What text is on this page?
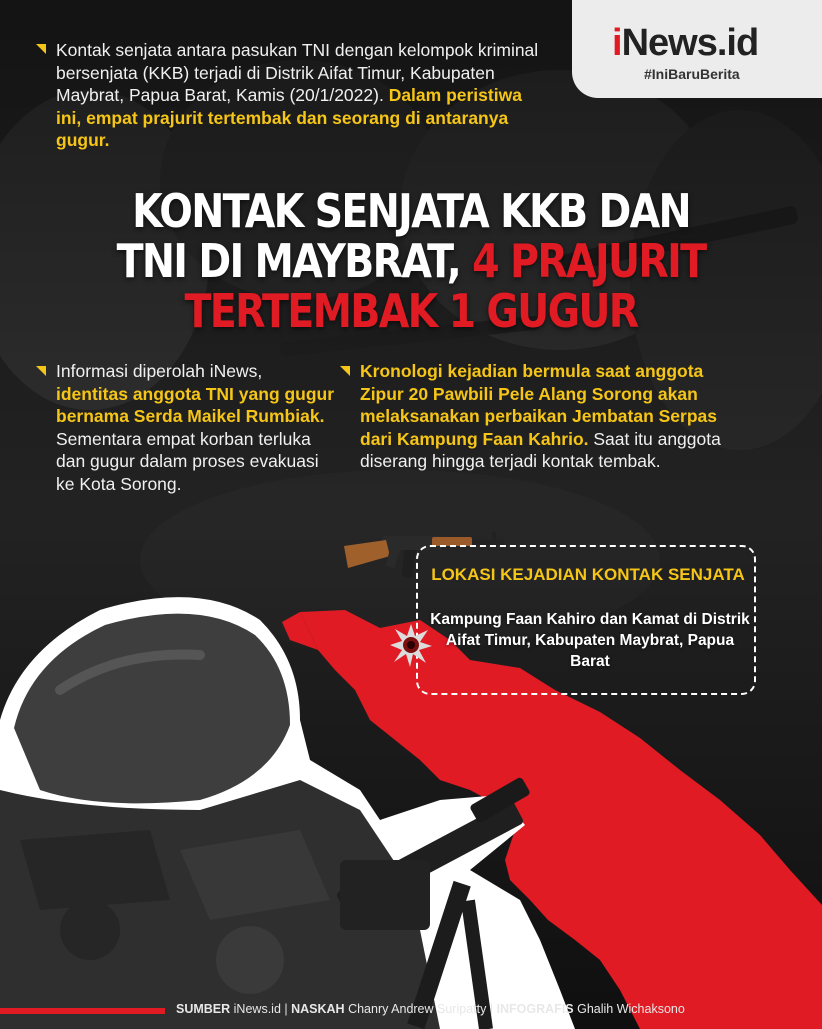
iNews.id
#IniBaruBerita
Kontak senjata antara pasukan TNI dengan kelompok kriminal bersenjata (KKB) terjadi di Distrik Aifat Timur, Kabupaten Maybrat, Papua Barat, Kamis (20/1/2022). Dalam peristiwa ini, empat prajurit tertembak dan seorang di antaranya gugur.
KONTAK SENJATA KKB DAN
TNI DI MAYBRAT, 4 PRAJURIT
TERTEMBAK 1 GUGUR
Informasi diperolah iNews, identitas anggota TNI yang gugur bernama Serda Maikel Rumbiak. Sementara empat korban terluka dan gugur dalam proses evakuasi ke Kota Sorong.
Kronologi kejadian bermula saat anggota Zipur 20 Pawbili Pele Alang Sorong akan melaksanakan perbaikan Jembatan Serpas dari Kampung Faan Kahrio. Saat itu anggota diserang hingga terjadi kontak tembak.
LOKASI KEJADIAN KONTAK SENJATA
Kampung Faan Kahiro dan Kamat di Distrik Aifat Timur, Kabupaten Maybrat, Papua Barat
SUMBER iNews.id | NASKAH Chanry Andrew Suripatty | INFOGRAFIS Ghalih Wichaksono
